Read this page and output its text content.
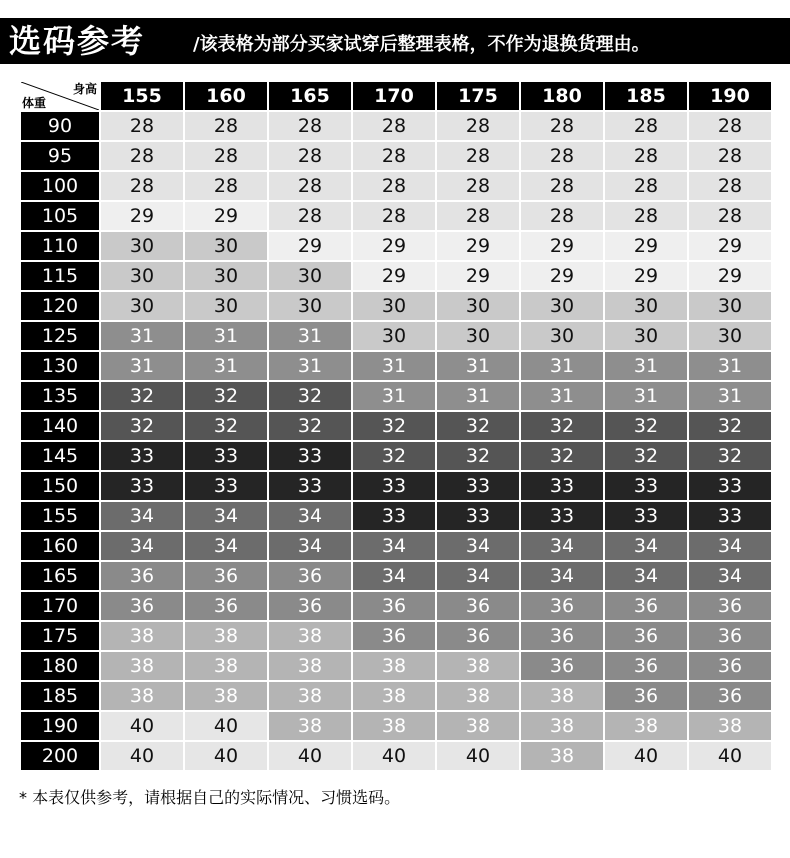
选码参考	/该表格为部分买家试穿后整理表格，不作为退换货理由。
身高
体重	155	160	165	170	175	180	185	190
90	28	28	28	28	28	28	28	28
95	28	28	28	28	28	28	28	28
100	28	28	28	28	28	28	28	28
105	29	29	28	28	28	28	28	28
110	30	30	29	29	29	29	29	29
115	30	30	30	29	29	29	29	29
120	30	30	30	30	30	30	30	30
125	31	31	31	30	30	30	30	30
130	31	31	31	31	31	31	31	31
135	32	32	32	31	31	31	31	31
140	32	32	32	32	32	32	32	32
145	33	33	33	32	32	32	32	32
150	33	33	33	33	33	33	33	33
155	34	34	34	33	33	33	33	33
160	34	34	34	34	34	34	34	34
165	36	36	36	34	34	34	34	34
170	36	36	36	36	36	36	36	36
175	38	38	38	36	36	36	36	36
180	38	38	38	38	38	36	36	36
185	38	38	38	38	38	38	36	36
190	40	40	38	38	38	38	38	38
200	40	40	40	40	40	38	40	40
* 本表仅供参考，请根据自己的实际情况、习惯选码。
